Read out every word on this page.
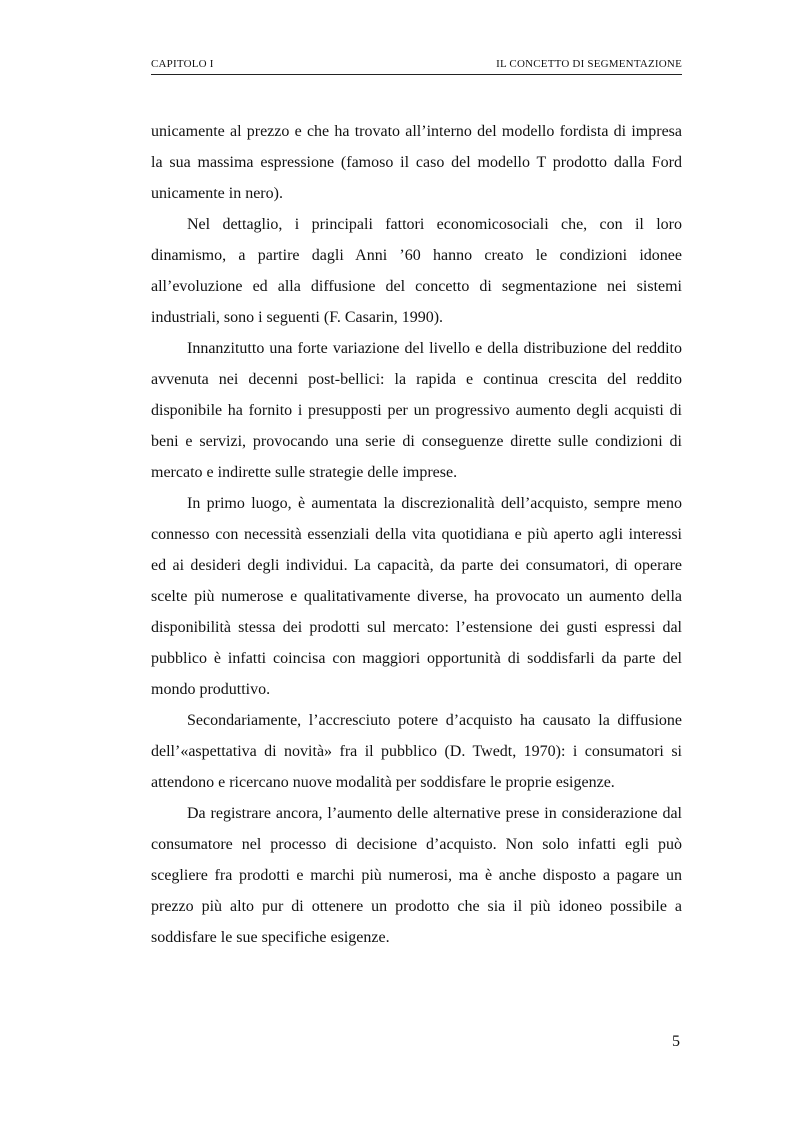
CAPITOLO I	IL CONCETTO DI SEGMENTAZIONE

unicamente al prezzo e che ha trovato all’interno del modello fordista di impresa la sua massima espressione (famoso il caso del modello T prodotto dalla Ford unicamente in nero).

Nel dettaglio, i principali fattori economicosociali che, con il loro dinamismo, a partire dagli Anni ’60 hanno creato le condizioni idonee all’evoluzione ed alla diffusione del concetto di segmentazione nei sistemi industriali, sono i seguenti (F. Casarin, 1990).

Innanzitutto una forte variazione del livello e della distribuzione del reddito avvenuta nei decenni post-bellici: la rapida e continua crescita del reddito disponibile ha fornito i presupposti per un progressivo aumento degli acquisti di beni e servizi, provocando una serie di conseguenze dirette sulle condizioni di mercato e indirette sulle strategie delle imprese.

In primo luogo, è aumentata la discrezionalità dell’acquisto, sempre meno connesso con necessità essenziali della vita quotidiana e più aperto agli interessi ed ai desideri degli individui. La capacità, da parte dei consumatori, di operare scelte più numerose e qualitativamente diverse, ha provocato un aumento della disponibilità stessa dei prodotti sul mercato: l’estensione dei gusti espressi dal pubblico è infatti coincisa con maggiori opportunità di soddisfarli da parte del mondo produttivo.

Secondariamente, l’accresciuto potere d’acquisto ha causato la diffusione dell’«aspettativa di novità» fra il pubblico (D. Twedt, 1970): i consumatori si attendono e ricercano nuove modalità per soddisfare le proprie esigenze.

Da registrare ancora, l’aumento delle alternative prese in considerazione dal consumatore nel processo di decisione d’acquisto. Non solo infatti egli può scegliere fra prodotti e marchi più numerosi, ma è anche disposto a pagare un prezzo più alto pur di ottenere un prodotto che sia il più idoneo possibile a soddisfare le sue specifiche esigenze.

5
